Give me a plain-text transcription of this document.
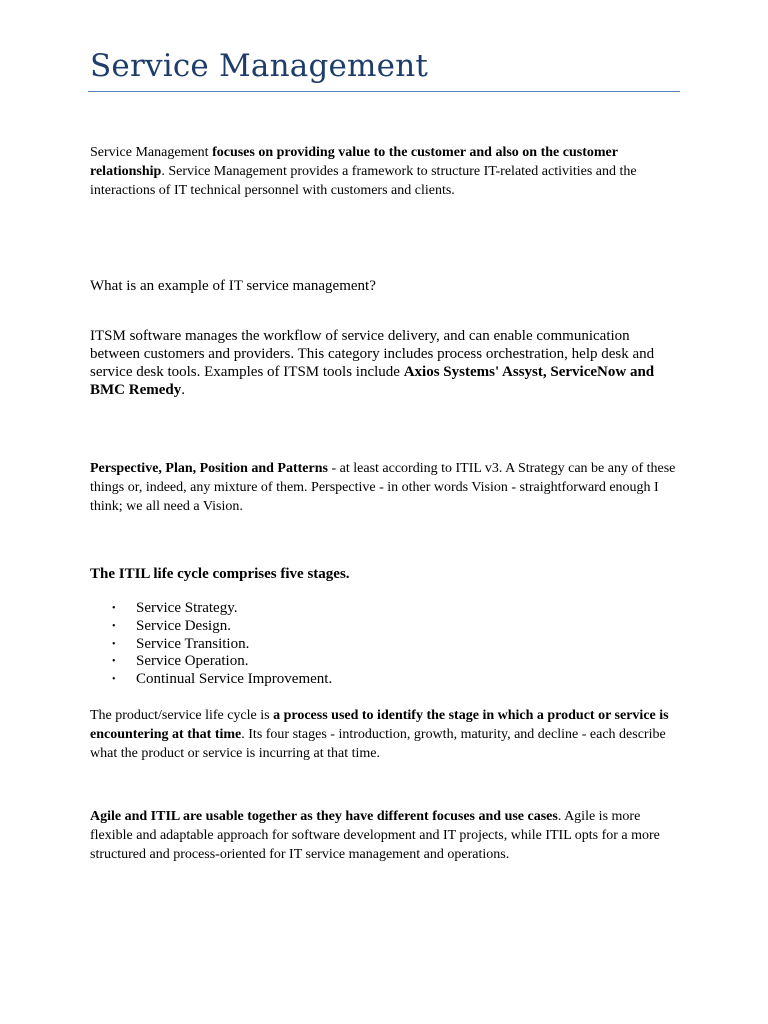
Service Management

Service Management focuses on providing value to the customer and also on the customer relationship. Service Management provides a framework to structure IT-related activities and the interactions of IT technical personnel with customers and clients.

What is an example of IT service management?

ITSM software manages the workflow of service delivery, and can enable communication between customers and providers. This category includes process orchestration, help desk and service desk tools. Examples of ITSM tools include Axios Systems' Assyst, ServiceNow and BMC Remedy.

Perspective, Plan, Position and Patterns - at least according to ITIL v3. A Strategy can be any of these things or, indeed, any mixture of them. Perspective - in other words Vision - straightforward enough I think; we all need a Vision.

The ITIL life cycle comprises five stages.
• Service Strategy.
• Service Design.
• Service Transition.
• Service Operation.
• Continual Service Improvement.

The product/service life cycle is a process used to identify the stage in which a product or service is encountering at that time. Its four stages - introduction, growth, maturity, and decline - each describe what the product or service is incurring at that time.

Agile and ITIL are usable together as they have different focuses and use cases. Agile is more flexible and adaptable approach for software development and IT projects, while ITIL opts for a more structured and process-oriented for IT service management and operations.
